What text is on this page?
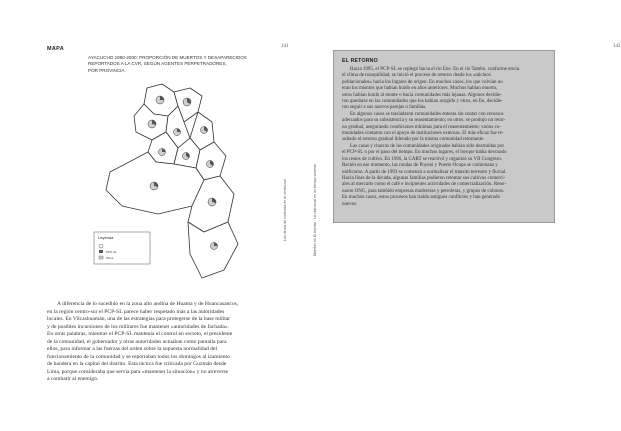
MAPA
AYACUCHO 1980-2000: PROPORCIÓN DE MUERTOS Y DESAPARECIDOS
REPORTADOS A LA CVR, SEGÚN AGENTES PERPETRADORES,
POR PROVINCIA
Leyenda
PCP-SL
Otros
A diferencia de lo sucedido en la zona alto andina de Huanta y de Huancasancos,
en la región centro-sur el PCP-SL parece haber respetado más a las autoridades
locales. En Vilcashuamán, una de las estrategias para protegerse de la base militar
y de posibles incursiones de los militares fue mantener «autoridades de fachada».
En otras palabras, mientras el PCP-SL mantenía el control en secreto, el presidente
de la comunidad, el gobernador y otras autoridades actuaban como pantalla para
ellos, para informar a las fuerzas del orden sobre la supuesta normalidad del
funcionamiento de la comunidad y se reportaban todos los domingos al izamiento
de bandera en la capital del distrito. Esta táctica fue criticada por Guzmán desde
Lima, porque consideraba que servía para «mantener la situación» y no atreverse
a combatir al enemigo.
141
Los ritmos de violencia en el centro-sur
142
Muertos en El Asintal · La vida local en un tiempo violento
EL RETORNO
Hacia 1995, el PCP-SL se replegó hacia el río Ene. En el río Tambo, conforme envía
el clima de tranquilidad, se inició el proceso de retorno desde los «núcleos
poblacionales» hacia los lugares de origen. En muchos casos, los que volvían no
eran los mismos que habían huido en años anteriores. Muchos habían muerto,
otros habían huido al monte o hacia comunidades más lejanas. Algunos decidie-
ron quedarse en las comunidades que los habían acogido y otros, en fin, decidie-
ron seguir a sus nuevos parejas o familias.
En algunos casos se trasladaron comunidades enteras sin contar con recursos
adecuados para su subsistencia y su reasentamiento; en otros, se produjo un retor-
no gradual, asegurando condiciones mínimas para el reasentamiento; varios co-
munidades contaron con el apoyo de instituciones externas. El más eficaz fue re-
sultado el retorno gradual liderado por la misma comunidad retornante.
Las casas y chacras de las comunidades originales habían sido destruidas por
el PCP-SL o por el paso del tiempo. En muchos lugares, el bosque había devorado
los restos de cultivo. En 1996, la CART se reactivó y organizó su VII Congreso.
Recién en ese momento, las rondas de Poyeni y Puerto Ocopa se comienzan y
unificaron. A partir de 1993 se comenzó a normalizar el tránsito terrestre y fluvial.
Hacia fines de la década, algunas familias pudieron retomar sus cultivos comerci-
ales al mercado como el café e incipientes actividades de comercialización. Retor-
naron ONG, para también empresas madereras y petroleras, y grupos de colonos.
En muchos casos, estos procesos han traído antiguos conflictos y han generado
nuevos.
